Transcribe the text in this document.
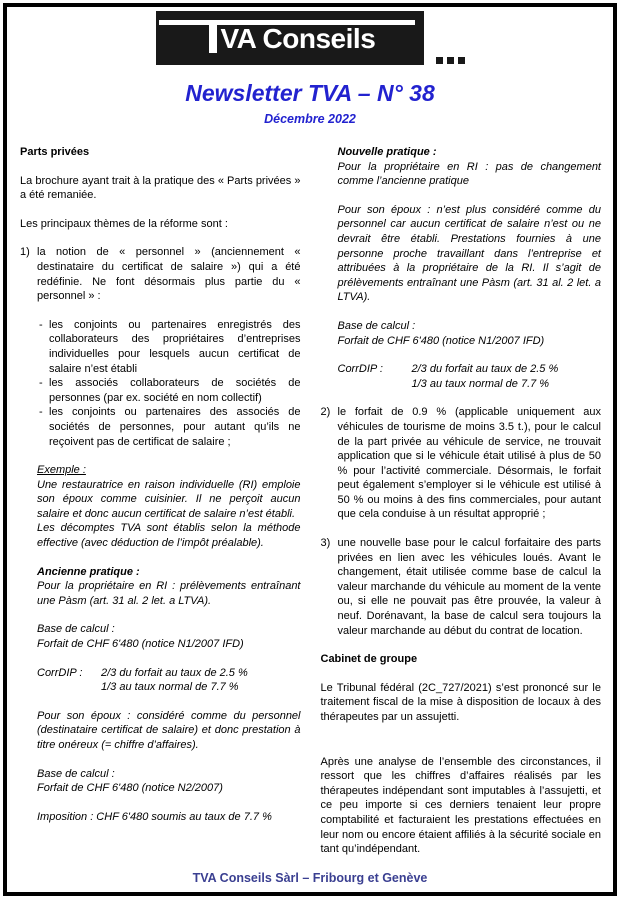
VA Conseils
Newsletter TVA – N° 38
Décembre 2022
Parts privées

La brochure ayant trait à la pratique des « Parts privées » a été remaniée.

Les principaux thèmes de la réforme sont :

1) la notion de « personnel » (anciennement « destinataire du certificat de salaire ») qui a été redéfinie. Ne font désormais plus partie du « personnel » :
- les conjoints ou partenaires enregistrés des collaborateurs des propriétaires d’entreprises individuelles pour lesquels aucun certificat de salaire n’est établi
- les associés collaborateurs de sociétés de personnes (par ex. société en nom collectif)
- les conjoints ou partenaires des associés de sociétés de personnes, pour autant qu’ils ne reçoivent pas de certificat de salaire ;

Exemple :

Une restauratrice en raison individuelle (RI) emploie son époux comme cuisinier. Il ne perçoit aucun salaire et donc aucun certificat de salaire n’est établi.

Les décomptes TVA sont établis selon la méthode effective (avec déduction de l’impôt préalable).

Ancienne pratique :

Pour la propriétaire en RI : prélèvements entraînant une Pàsm (art. 31 al. 2 let. a LTVA).

Base de calcul :

Forfait de CHF 6'480 (notice N1/2007 IFD)

CorrDIP :	2/3 du forfait au taux de 2.5 %
1/3 au taux normal de 7.7 %

Pour son époux : considéré comme du personnel (destinataire certificat de salaire) et donc prestation à titre onéreux (= chiffre d’affaires).

Base de calcul :

Forfait de CHF 6'480 (notice N2/2007)

Imposition : CHF 6'480 soumis au taux de 7.7 %

Nouvelle pratique :

Pour la propriétaire en RI : pas de changement comme l’ancienne pratique

Pour son époux : n’est plus considéré comme du personnel car aucun certificat de salaire n’est ou ne devrait être établi. Prestations fournies à une personne proche travaillant dans l’entreprise et attribuées à la propriétaire de la RI. Il s’agit de prélèvements entraînant une Pàsm (art. 31 al. 2 let. a LTVA).

Base de calcul :

Forfait de CHF 6'480 (notice N1/2007 IFD)

CorrDIP :	2/3 du forfait au taux de 2.5 %
1/3 au taux normal de 7.7 %
2) le forfait de 0.9 % (applicable uniquement aux véhicules de tourisme de moins 3.5 t.), pour le calcul de la part privée au véhicule de service, ne trouvait application que si le véhicule était utilisé à plus de 50 % pour l’activité commerciale. Désormais, le forfait peut également s’employer si le véhicule est utilisé à 50 % ou moins à des fins commerciales, pour autant que cela conduise à un résultat approprié ;
3) une nouvelle base pour le calcul forfaitaire des parts privées en lien avec les véhicules loués. Avant le changement, était utilisée comme base de calcul la valeur marchande du véhicule au moment de la vente ou, si elle ne pouvait pas être prouvée, la valeur à neuf. Dorénavant, la base de calcul sera toujours la valeur marchande au début du contrat de location.
Cabinet de groupe

Le Tribunal fédéral (2C_727/2021) s’est prononcé sur le traitement fiscal de la mise à disposition de locaux à des thérapeutes par un assujetti.

Après une analyse de l’ensemble des circonstances, il ressort que les chiffres d’affaires réalisés par les thérapeutes indépendant sont imputables à l’assujetti, et ce peu importe si ces derniers tenaient leur propre comptabilité et facturaient les prestations effectuées en leur nom ou encore étaient affiliés à la sécurité sociale en tant qu’indépendant.

TVA Conseils Sàrl – Fribourg et Genève
